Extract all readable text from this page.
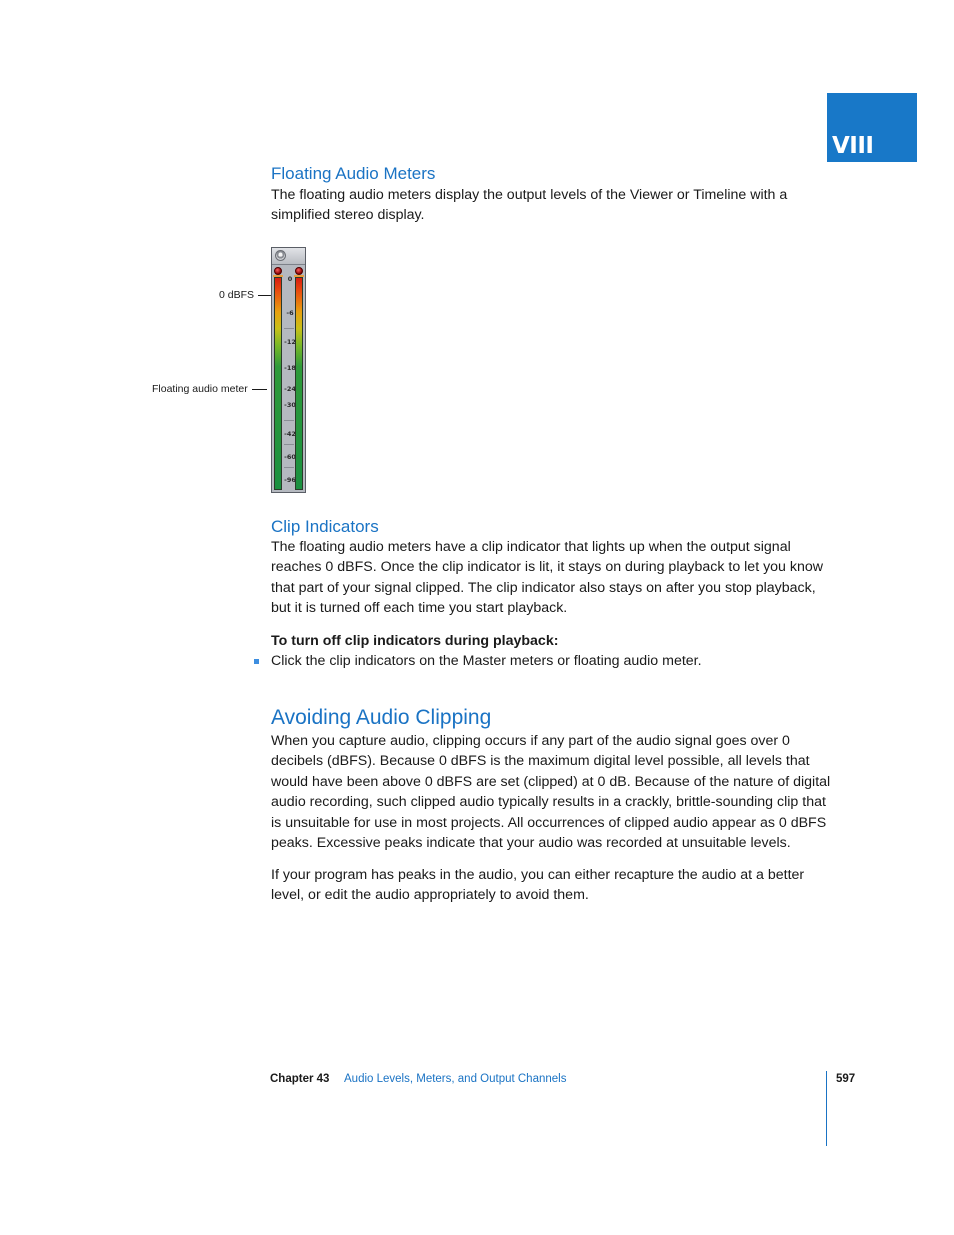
VIII
Floating Audio Meters
The floating audio meters display the output levels of the Viewer or Timeline with a
simplified stereo display.
0 dBFS
Floating audio meter
0
-6
-12
-18
-24
-30
-42
-60
-96
Clip Indicators
The floating audio meters have a clip indicator that lights up when the output signal
reaches 0 dBFS. Once the clip indicator is lit, it stays on during playback to let you know
that part of your signal clipped. The clip indicator also stays on after you stop playback,
but it is turned off each time you start playback.
To turn off clip indicators during playback:
Click the clip indicators on the Master meters or floating audio meter.
Avoiding Audio Clipping
When you capture audio, clipping occurs if any part of the audio signal goes over 0
decibels (dBFS). Because 0 dBFS is the maximum digital level possible, all levels that
would have been above 0 dBFS are set (clipped) at 0 dB. Because of the nature of digital
audio recording, such clipped audio typically results in a crackly, brittle-sounding clip that
is unsuitable for use in most projects. All occurrences of clipped audio appear as 0 dBFS
peaks. Excessive peaks indicate that your audio was recorded at unsuitable levels.
If your program has peaks in the audio, you can either recapture the audio at a better
level, or edit the audio appropriately to avoid them.
Chapter 43 Audio Levels, Meters, and Output Channels	597
